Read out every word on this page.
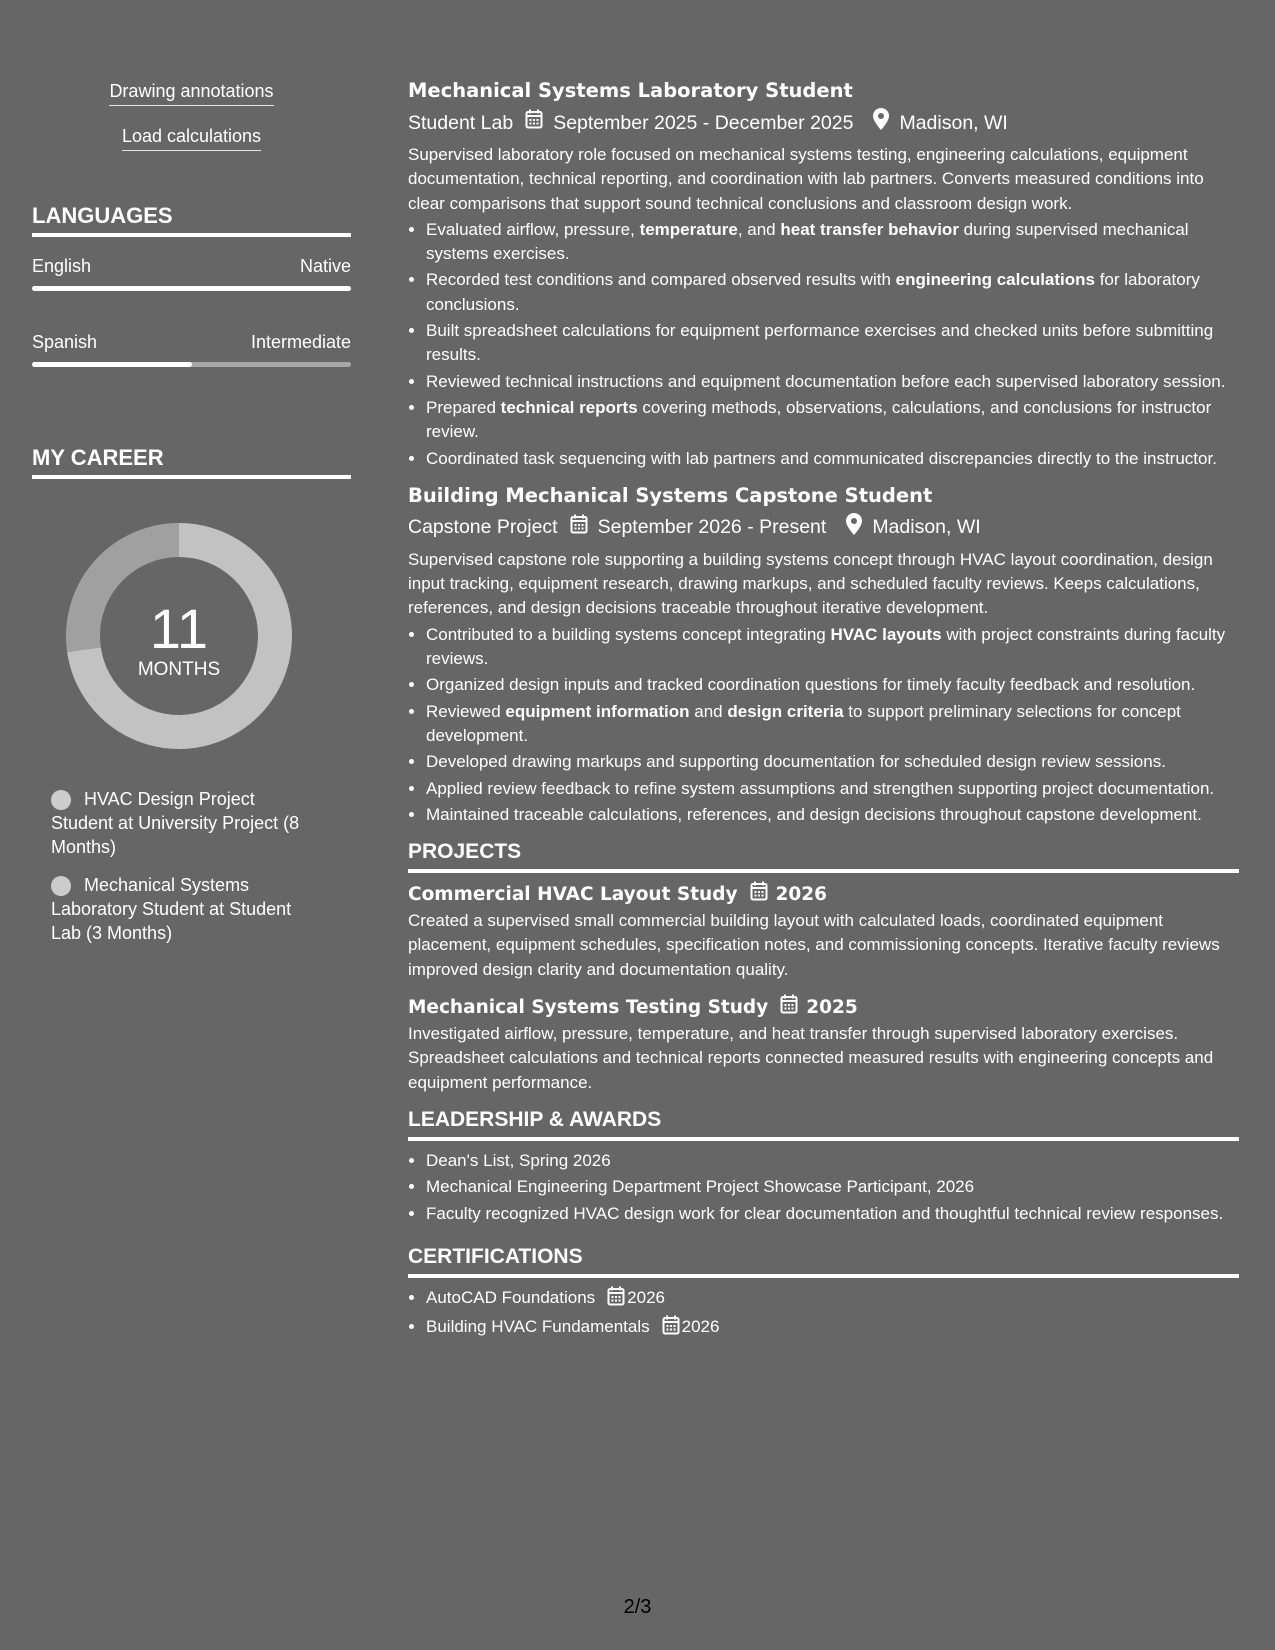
Drawing annotations
Load calculations
LANGUAGES
English	Native
Spanish	Intermediate
MY CAREER
11
MONTHS
HVAC Design Project Student at University Project (8 Months)
Mechanical Systems Laboratory Student at Student Lab (3 Months)
Mechanical Systems Laboratory Student
Student Lab September 2025 - December 2025 Madison, WI

Supervised laboratory role focused on mechanical systems testing, engineering calculations, equipment documentation, technical reporting, and coordination with lab partners. Converts measured conditions into clear comparisons that support sound technical conclusions and classroom design work.

• Evaluated airflow, pressure, temperature, and heat transfer behavior during supervised mechanical systems exercises.
• Recorded test conditions and compared observed results with engineering calculations for laboratory conclusions.
• Built spreadsheet calculations for equipment performance exercises and checked units before submitting results.
• Reviewed technical instructions and equipment documentation before each supervised laboratory session.
• Prepared technical reports covering methods, observations, calculations, and conclusions for instructor review.
• Coordinated task sequencing with lab partners and communicated discrepancies directly to the instructor.
Building Mechanical Systems Capstone Student
Capstone Project September 2026 - Present Madison, WI

Supervised capstone role supporting a building systems concept through HVAC layout coordination, design input tracking, equipment research, drawing markups, and scheduled faculty reviews. Keeps calculations, references, and design decisions traceable throughout iterative development.

• Contributed to a building systems concept integrating HVAC layouts with project constraints during faculty reviews.
• Organized design inputs and tracked coordination questions for timely faculty feedback and resolution.
• Reviewed equipment information and design criteria to support preliminary selections for concept development.
• Developed drawing markups and supporting documentation for scheduled design review sessions.
• Applied review feedback to refine system assumptions and strengthen supporting project documentation.
• Maintained traceable calculations, references, and design decisions throughout capstone development.
PROJECTS
Commercial HVAC Layout Study 2026

Created a supervised small commercial building layout with calculated loads, coordinated equipment placement, equipment schedules, specification notes, and commissioning concepts. Iterative faculty reviews improved design clarity and documentation quality.

Mechanical Systems Testing Study 2025

Investigated airflow, pressure, temperature, and heat transfer through supervised laboratory exercises. Spreadsheet calculations and technical reports connected measured results with engineering concepts and equipment performance.

LEADERSHIP & AWARDS
• Dean's List, Spring 2026
• Mechanical Engineering Department Project Showcase Participant, 2026
• Faculty recognized HVAC design work for clear documentation and thoughtful technical review responses.
CERTIFICATIONS
• AutoCAD Foundations 2026
• Building HVAC Fundamentals 2026
2/3
